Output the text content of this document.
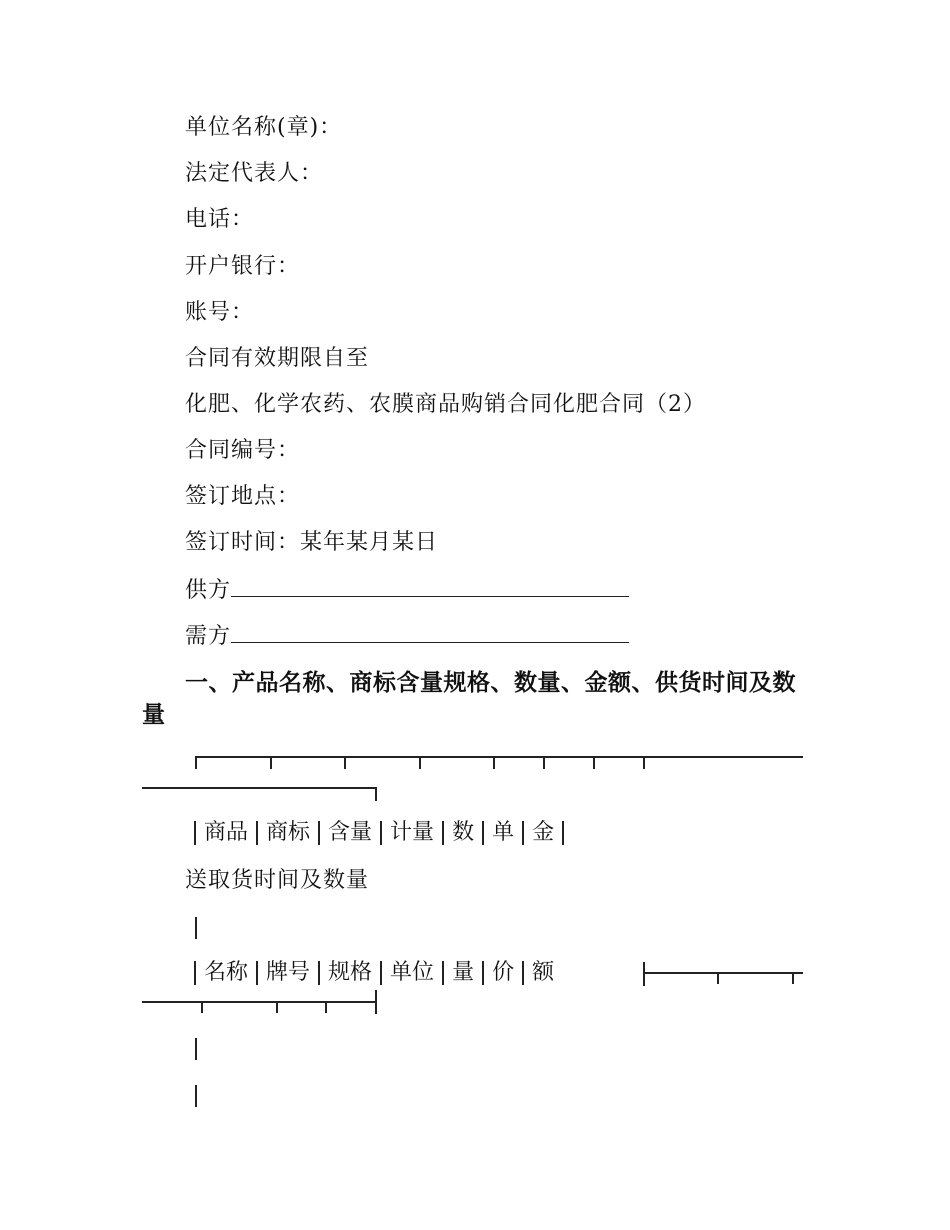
单位名称(章)：
法定代表人：
电话：
开户银行：
账号：
合同有效期限自至
化肥、化学农药、农膜商品购销合同化肥合同（2）
合同编号：
签订地点：
签订时间：某年某月某日
供方
需方
一、产品名称、商标含量规格、数量、金额、供货时间及数量
商品 商标 含量 计量 数 单 金
送取货时间及数量
名称 牌号 规格 单位 量 价 额
